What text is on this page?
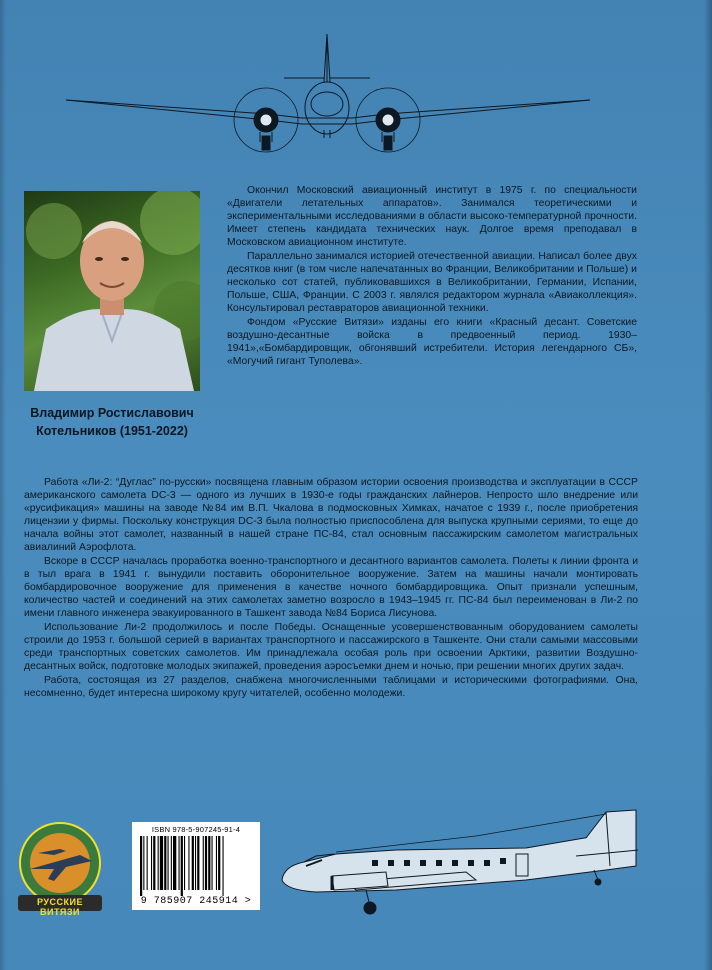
Владимир Ростиславович
Котельников (1951-2022)

Окончил Московский авиационный институт в 1975 г. по специальности «Двигатели летательных аппаратов». Занимался теоретическими и экспериментальными исследованиями в области высоко-температурной прочности. Имеет степень кандидата технических наук. Долгое время преподавал в Московском авиационном институте.

Параллельно занимался историей отечественной авиации. Написал более двух десятков книг (в том числе напечатанных во Франции, Великобритании и Польше) и несколько сот статей, публиковавшихся в Великобритании, Германии, Испании, Польше, США, Франции. С 2003 г. являлся редактором журнала «Авиаколлекция». Консультировал реставраторов авиационной техники.

Фондом «Русские Витязи» изданы его книги «Красный десант. Советские воздушно-десантные войска в предвоенный период. 1930–1941»,«Бомбардировщик, обгонявший истребители. История легендарного СБ», «Могучий гигант Туполева».

Работа «Ли-2: “Дуглас” по-русски» посвящена главным образом истории освоения производства и эксплуатации в СССР американского самолета DC-3 — одного из лучших в 1930-е годы гражданских лайнеров. Непросто шло внедрение или «русификация» машины на заводе №84 им В.П. Чкалова в подмосковных Химках, начатое с 1939 г., после приобретения лицензии у фирмы. Поскольку конструкция DC-3 была полностью приспособлена для выпуска крупными сериями, то еще до начала войны этот самолет, названный в нашей стране ПС-84, стал основным пассажирским самолетом магистральных авиалиний Аэрофлота.

Вскоре в СССР началась проработка военно-транспортного и десантного вариантов самолета. Полеты к линии фронта и в тыл врага в 1941 г. вынудили поставить оборонительное вооружение. Затем на машины начали монтировать бомбардировочное вооружение для применения в качестве ночного бомбардировщика. Опыт признали успешным, количество частей и соединений на этих самолетах заметно возросло в 1943–1945 гг. ПС-84 был переименован в Ли-2 по имени главного инженера эвакуированного в Ташкент завода №84 Бориса Лисунова.

Использование Ли-2 продолжилось и после Победы. Оснащенные усовершенствованным оборудованием самолеты строили до 1953 г. большой серией в вариантах транспортного и пассажирского в Ташкенте. Они стали самыми массовыми среди транспортных советских самолетов. Им принадлежала особая роль при освоении Арктики, развитии Воздушно-десантных войск, подготовке молодых экипажей, проведения аэросъемки днем и ночью, при решении многих других задач.

Работа, состоящая из 27 разделов, снабжена многочисленными таблицами и историческими фотографиями. Она, несомненно, будет интересна широкому кругу читателей, особенно молодежи.

РУССКИЕ ВИТЯЗИ
ISBN 978-5-907245-91-4
9 785907 245914 >
